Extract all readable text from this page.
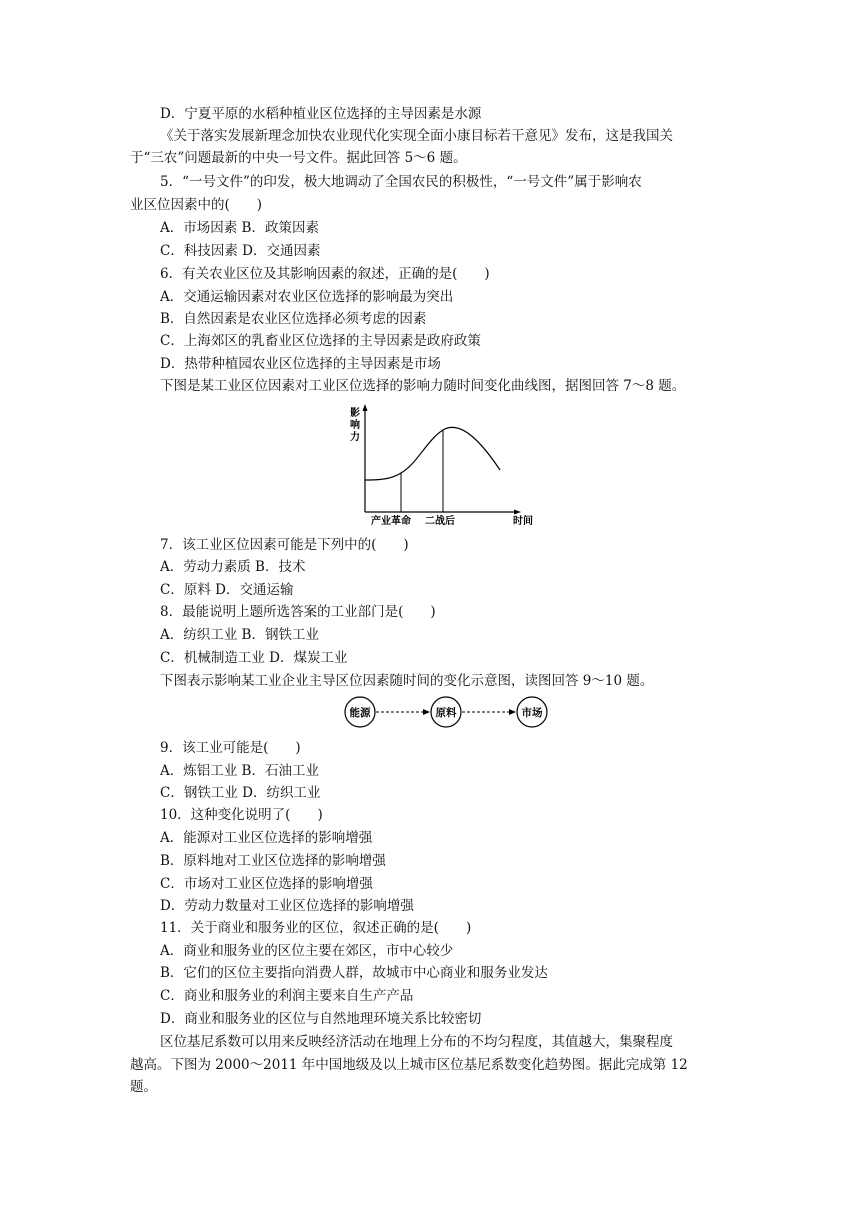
D．宁夏平原的水稻种植业区位选择的主导因素是水源
《关于落实发展新理念加快农业现代化实现全面小康目标若干意见》发布，这是我国关
于“三农”问题最新的中央一号文件。据此回答 5～6 题。
5．“一号文件”的印发，极大地调动了全国农民的积极性，“一号文件”属于影响农
业区位因素中的(　　)
A．市场因素 B．政策因素
C．科技因素 D．交通因素
6．有关农业区位及其影响因素的叙述，正确的是(　　)
A．交通运输因素对农业区位选择的影响最为突出
B．自然因素是农业区位选择必须考虑的因素
C．上海郊区的乳畜业区位选择的主导因素是政府政策
D．热带种植园农业区位选择的主导因素是市场
下图是某工业区位因素对工业区位选择的影响力随时间变化曲线图，据图回答 7～8 题。
影 响 力
产业革命 二战后	时间
7．该工业区位因素可能是下列中的(　　)
A．劳动力素质 B．技术
C．原料 D．交通运输
8．最能说明上题所选答案的工业部门是(　　)
A．纺织工业 B．钢铁工业
C．机械制造工业 D．煤炭工业
下图表示影响某工业企业主导区位因素随时间的变化示意图，读图回答 9～10 题。
能源	原料	市场
9．该工业可能是(　　)
A．炼铝工业 B．石油工业
C．钢铁工业 D．纺织工业
10．这种变化说明了(　　)
A．能源对工业区位选择的影响增强
B．原料地对工业区位选择的影响增强
C．市场对工业区位选择的影响增强
D．劳动力数量对工业区位选择的影响增强
11．关于商业和服务业的区位，叙述正确的是(　　)
A．商业和服务业的区位主要在郊区，市中心较少
B．它们的区位主要指向消费人群，故城市中心商业和服务业发达
C．商业和服务业的利润主要来自生产产品
D．商业和服务业的区位与自然地理环境关系比较密切
区位基尼系数可以用来反映经济活动在地理上分布的不均匀程度，其值越大，集聚程度
越高。下图为 2000～2011 年中国地级及以上城市区位基尼系数变化趋势图。据此完成第 12
题。
